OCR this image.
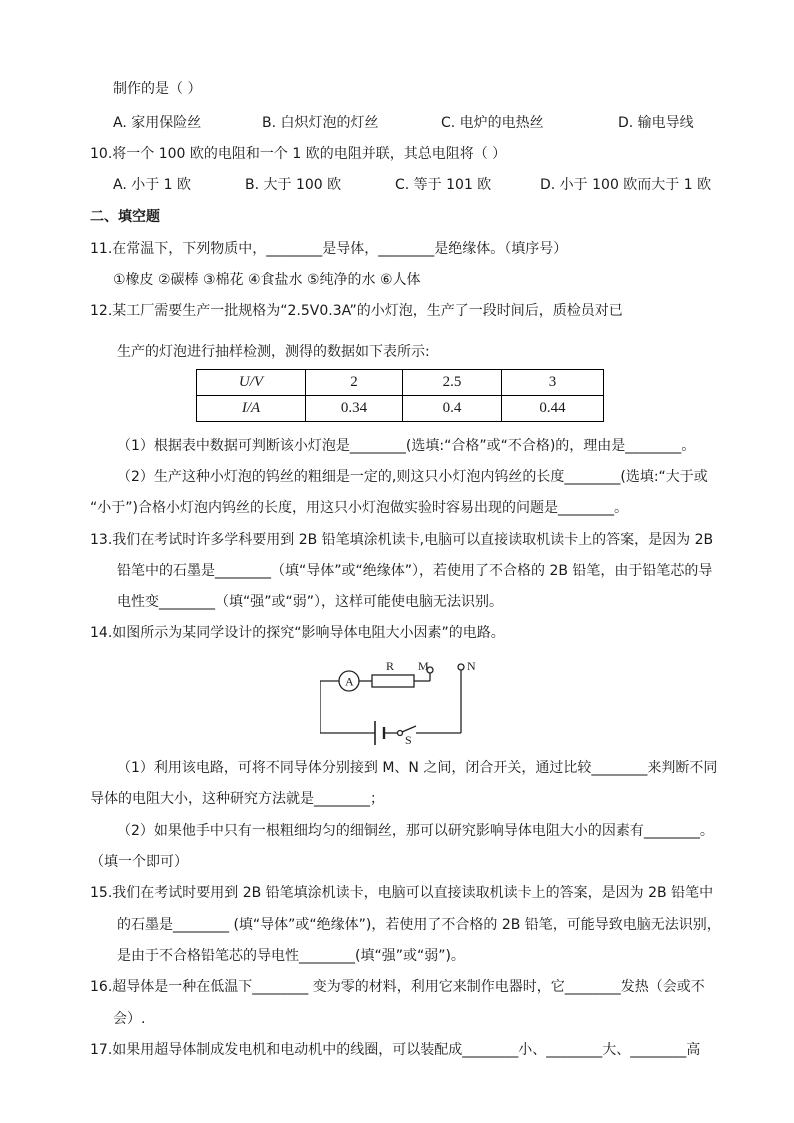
制作的是（ ）
A. 家用保险丝	B. 白炽灯泡的灯丝	C. 电炉的电热丝	D. 输电导线
10.将一个 100 欧的电阻和一个 1 欧的电阻并联，其总电阻将（ ）
A. 小于 1 欧	B. 大于 100 欧	C. 等于 101 欧	D. 小于 100 欧而大于 1 欧
二、填空题
11.在常温下，下列物质中，________是导体，________是绝缘体。（填序号）
①橡皮 ②碳棒 ③棉花 ④食盐水 ⑤纯净的水 ⑥人体
12.某工厂需要生产一批规格为“2.5V0.3A”的小灯泡，生产了一段时间后，质检员对已
生产的灯泡进行抽样检测，测得的数据如下表所示:
U/V	2	2.5	3
I/A	0.34	0.4	0.44
（1）根据表中数据可判断该小灯泡是________(选填:“合格”或“不合格)的，理由是________。
（2）生产这种小灯泡的钨丝的粗细是一定的,则这只小灯泡内钨丝的长度________(选填:“大于或
“小于”)合格小灯泡内钨丝的长度，用这只小灯泡做实验时容易出现的问题是________。
13.我们在考试时许多学科要用到 2B 铅笔填涂机读卡,电脑可以直接读取机读卡上的答案，是因为 2B
铅笔中的石墨是________（填“导体”或“绝缘体”），若使用了不合格的 2B 铅笔，由于铅笔芯的导
电性变________（填“强”或“弱”），这样可能使电脑无法识别。
14.如图所示为某同学设计的探究“影响导体电阻大小因素”的电路。
A
R M	N
S
（1）利用该电路，可将不同导体分别接到 M、N 之间，闭合开关，通过比较________来判断不同
导体的电阻大小，这种研究方法就是________；
（2）如果他手中只有一根粗细均匀的细铜丝，那可以研究影响导体电阻大小的因素有________。
（填一个即可）
15.我们在考试时要用到 2B 铅笔填涂机读卡，电脑可以直接读取机读卡上的答案，是因为 2B 铅笔中
的石墨是________ (填“导体”或“绝缘体”)，若使用了不合格的 2B 铅笔，可能导致电脑无法识别，
是由于不合格铅笔芯的导电性________(填“强”或“弱”)。
16.超导体是一种在低温下________ 变为零的材料，利用它来制作电器时，它________发热（会或不
会）.
17.如果用超导体制成发电机和电动机中的线圈，可以装配成________小、________大、________高
